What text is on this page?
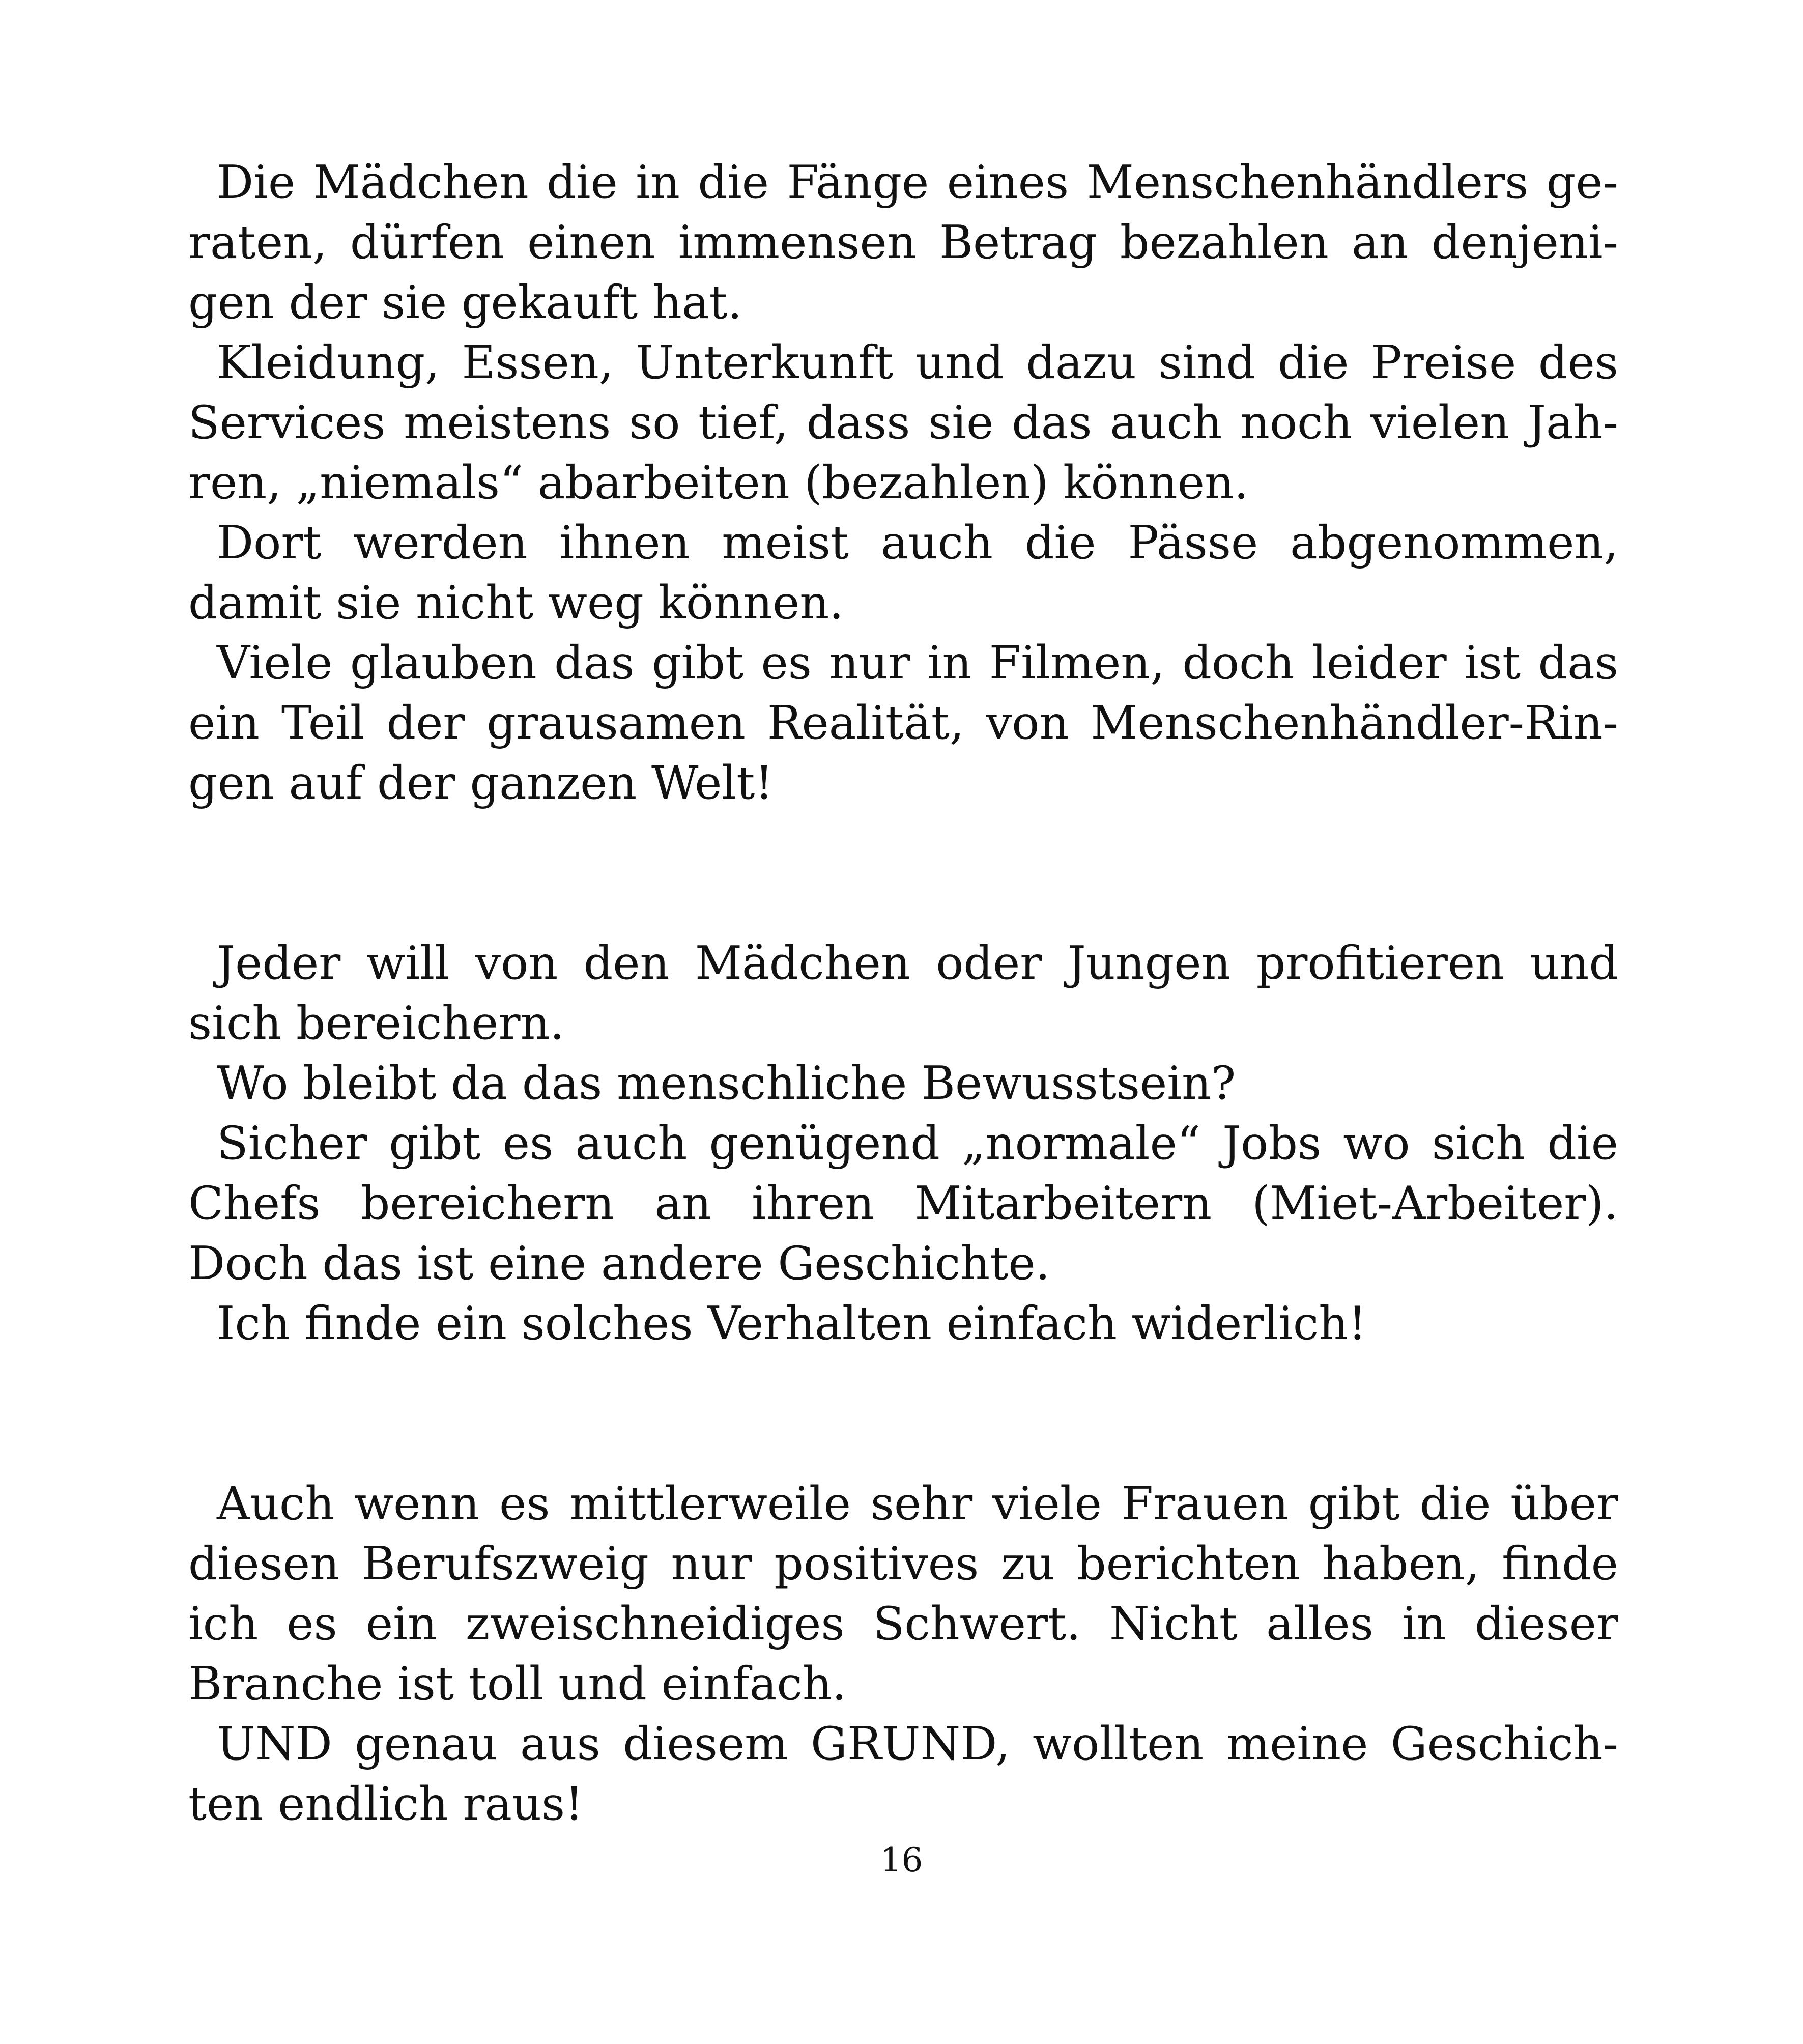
Die Mädchen die in die Fänge eines Menschenhändlers ge-
raten, dürfen einen immensen Betrag bezahlen an denjeni-
gen der sie gekauft hat.
Kleidung, Essen, Unterkunft und dazu sind die Preise des
Services meistens so tief, dass sie das auch noch vielen Jah-
ren, „niemals“ abarbeiten (bezahlen) können.
Dort werden ihnen meist auch die Pässe abgenommen,
damit sie nicht weg können.
Viele glauben das gibt es nur in Filmen, doch leider ist das
ein Teil der grausamen Realität, von Menschenhändler-Rin-
gen auf der ganzen Welt!
Jeder will von den Mädchen oder Jungen profitieren und
sich bereichern.
Wo bleibt da das menschliche Bewusstsein?
Sicher gibt es auch genügend „normale“ Jobs wo sich die
Chefs bereichern an ihren Mitarbeitern (Miet-Arbeiter).
Doch das ist eine andere Geschichte.
Ich finde ein solches Verhalten einfach widerlich!
Auch wenn es mittlerweile sehr viele Frauen gibt die über
diesen Berufszweig nur positives zu berichten haben, finde
ich es ein zweischneidiges Schwert. Nicht alles in dieser
Branche ist toll und einfach.
UND genau aus diesem GRUND, wollten meine Geschich-
ten endlich raus!
16
